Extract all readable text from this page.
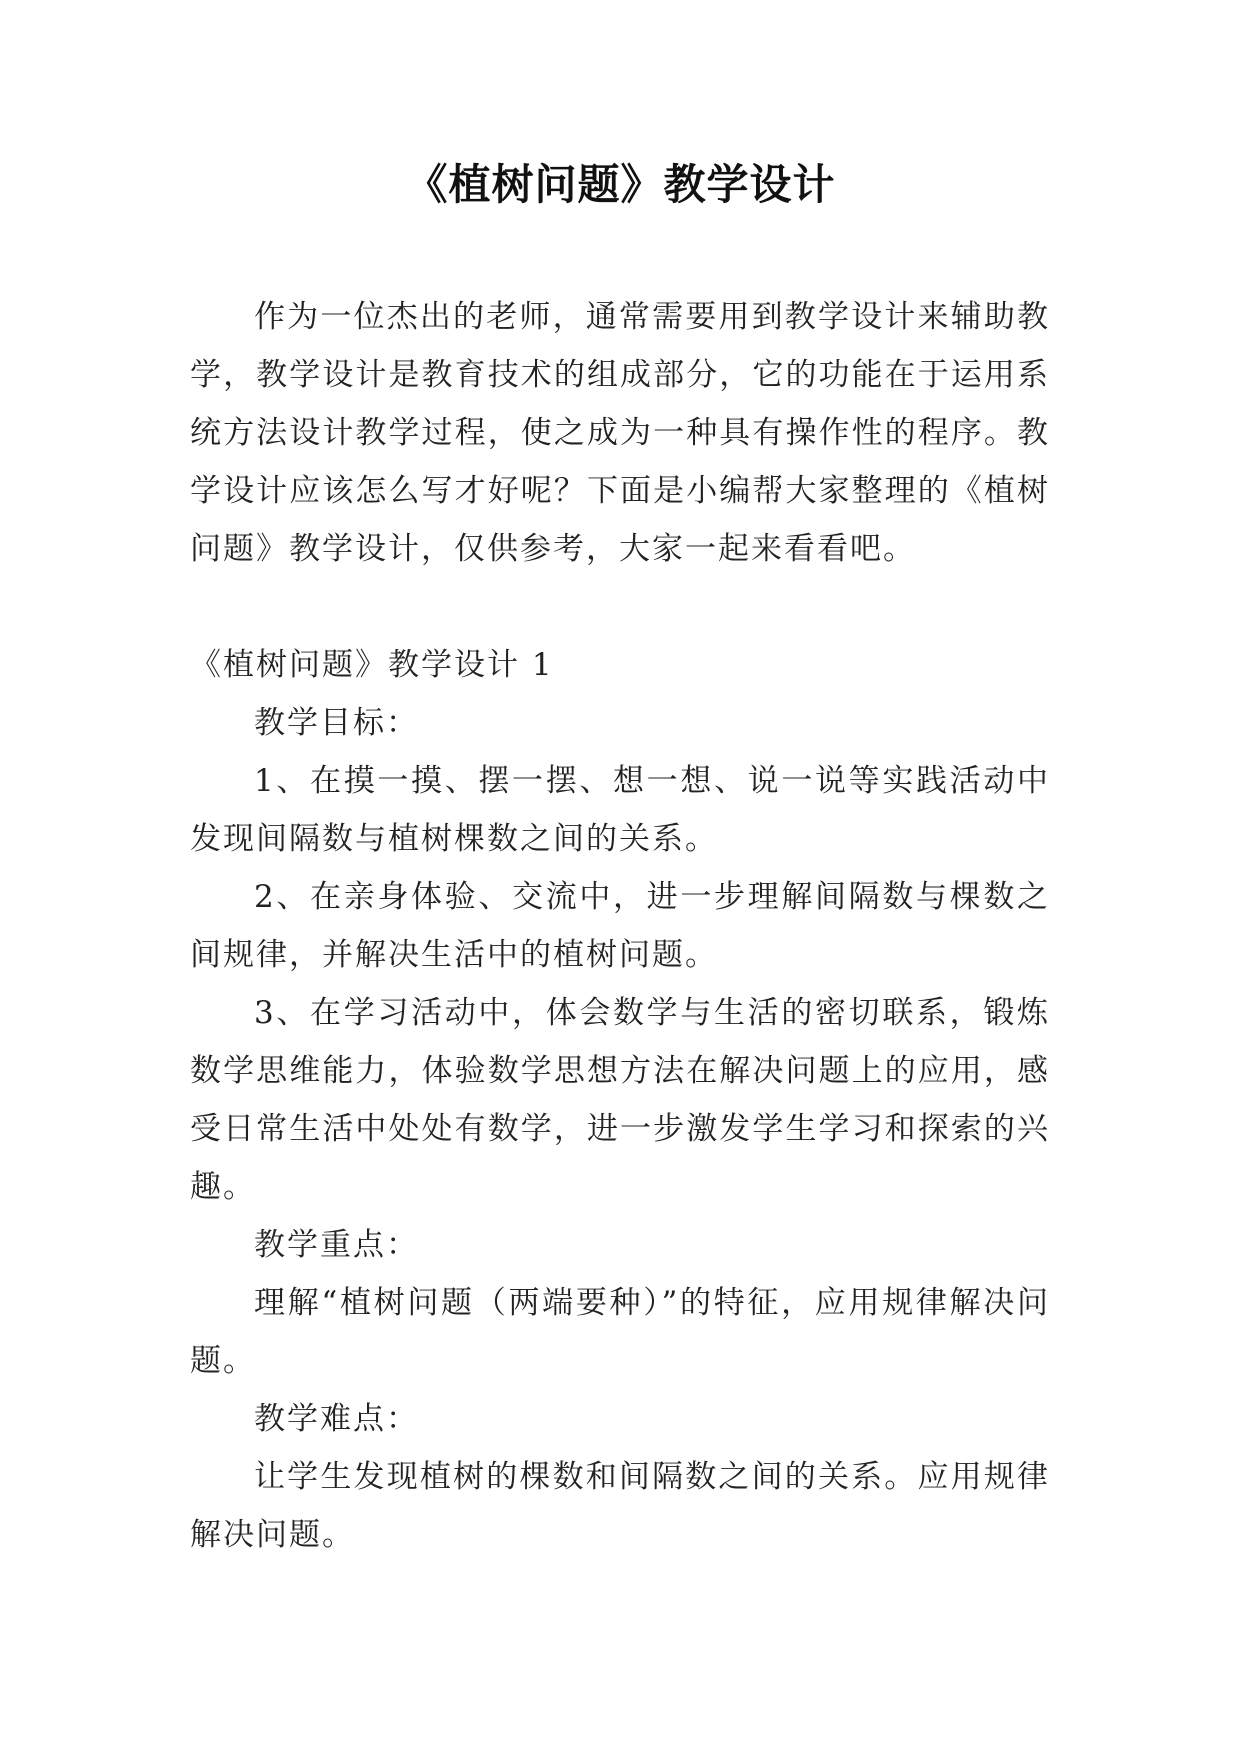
《植树问题》教学设计

作为一位杰出的老师，通常需要用到教学设计来辅助教学，教学设计是教育技术的组成部分，它的功能在于运用系统方法设计教学过程，使之成为一种具有操作性的程序。教学设计应该怎么写才好呢？下面是小编帮大家整理的《植树问题》教学设计，仅供参考，大家一起来看看吧。

《植树问题》教学设计 1

教学目标：

1、在摸一摸、摆一摆、想一想、说一说等实践活动中发现间隔数与植树棵数之间的关系。

2、在亲身体验、交流中，进一步理解间隔数与棵数之间规律，并解决生活中的植树问题。

3、在学习活动中，体会数学与生活的密切联系，锻炼数学思维能力，体验数学思想方法在解决问题上的应用，感受日常生活中处处有数学，进一步激发学生学习和探索的兴趣。

教学重点：

理解“植树问题（两端要种）”的特征，应用规律解决问题。

教学难点：

让学生发现植树的棵数和间隔数之间的关系。应用规律解决问题。
